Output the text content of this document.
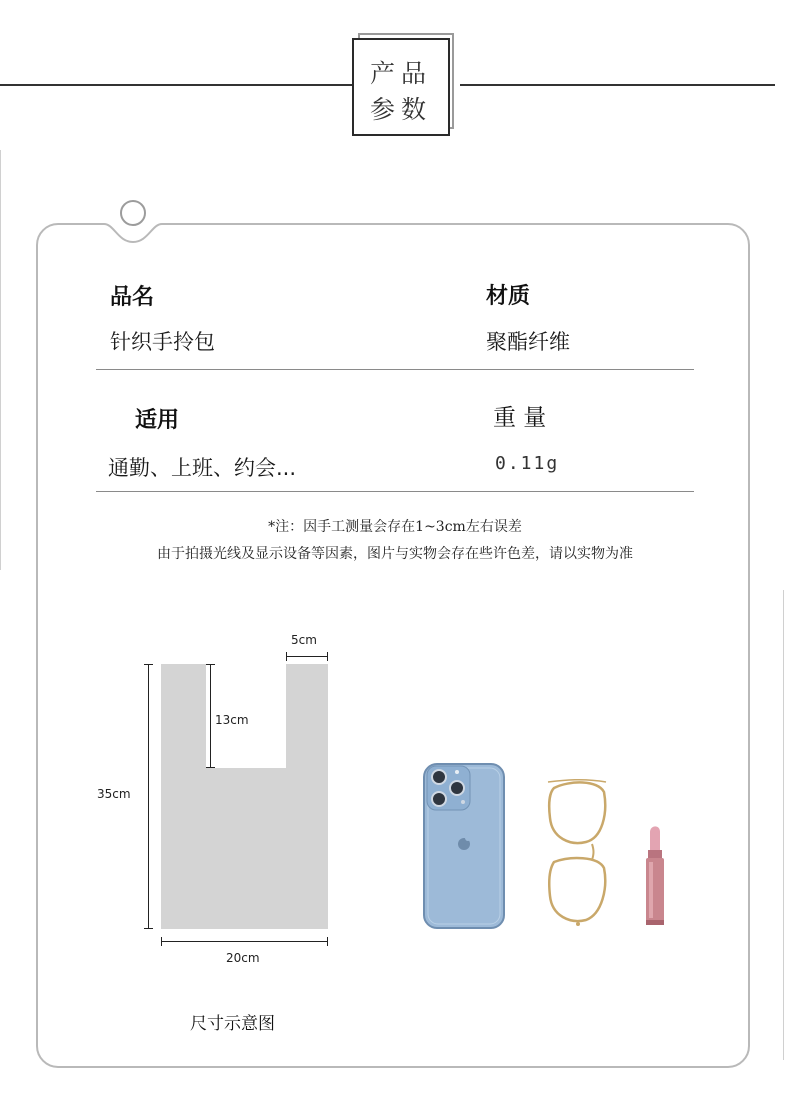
产品
参数
品名
针织手拎包
材质
聚酯纤维
适用
通勤、上班、约会...
重 量
0.11g
*注：因手工测量会存在1~3cm左右误差
由于拍摄光线及显示设备等因素，图片与实物会存在些许色差，请以实物为准
5cm
13cm
35cm
20cm
尺寸示意图
